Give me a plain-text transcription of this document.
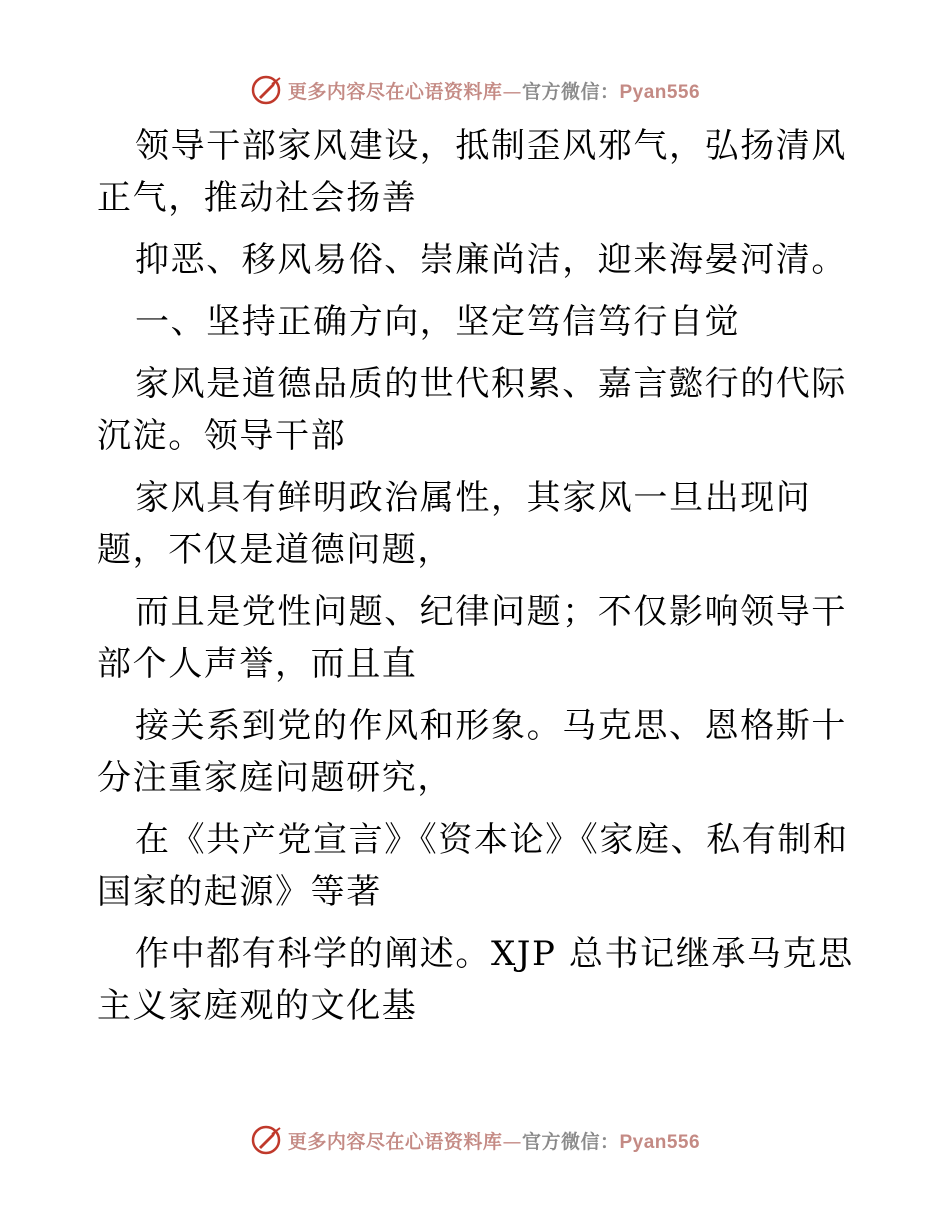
更多内容尽在心语资料库—官方微信：Pyan556

领导干部家风建设，抵制歪风邪气，弘扬清风正气，推动社会扬善

抑恶、移风易俗、崇廉尚洁，迎来海晏河清。

一、坚持正确方向，坚定笃信笃行自觉

家风是道德品质的世代积累、嘉言懿行的代际沉淀。领导干部

家风具有鲜明政治属性，其家风一旦出现问题，不仅是道德问题，

而且是党性问题、纪律问题；不仅影响领导干部个人声誉，而且直

接关系到党的作风和形象。马克思、恩格斯十分注重家庭问题研究，

在《共产党宣言》《资本论》《家庭、私有制和国家的起源》等著

作中都有科学的阐述。XJP 总书记继承马克思主义家庭观的文化基

更多内容尽在心语资料库—官方微信：Pyan556
